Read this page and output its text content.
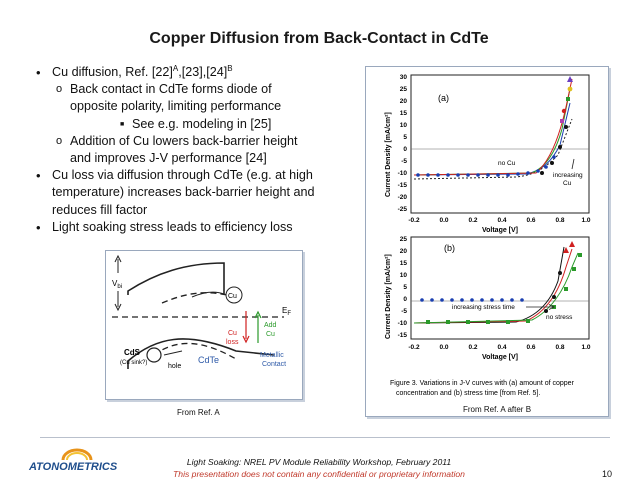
Copper Diffusion from Back-Contact in CdTe
• Cu diffusion, Ref. $[22]^A,[23],[24]^B$
o Back contact in CdTe forms diode of
opposite polarity, limiting performance
■ See e.g. modeling in [25]
o Addition of Cu lowers back-barrier height
and improves J-V performance [24]
• Cu loss via diffusion through CdTe (e.g. at high
temperature) increases back-barrier height and
reduces fill factor
• Light soaking stress leads to efficiency loss
$V_{bi}$
Cu
$E_F$
Cu
loss
Add
Cu
hole
CdS
(Cu sink?)	CdTe	Metallic
Contact
From Ref. A
(a)
Current Density [mA/cm²]
30
25
20
15
10
5
0
-5
-10
-15
-20
-25
-0.2	0.0	0.2	0.4	0.6	0.8	1.0
Voltage [V]
no Cu
increasing
Cu
(b)
Current Density [mA/cm²]
25
20
15
10
5
0
-5
-10
-15
-0.2	0.0	0.2	0.4	0.6	0.8	1.0
Voltage [V]
increasing stress time
no stress
Figure 3. Variations in J-V curves with (a) amount of copper
concentration and (b) stress time [from Ref. 5].
From Ref. A after B
ATONOMETRICS	Light Soaking: NREL PV Module Reliability Workshop, February 2011
This presentation does not contain any confidential or proprietary information	10
